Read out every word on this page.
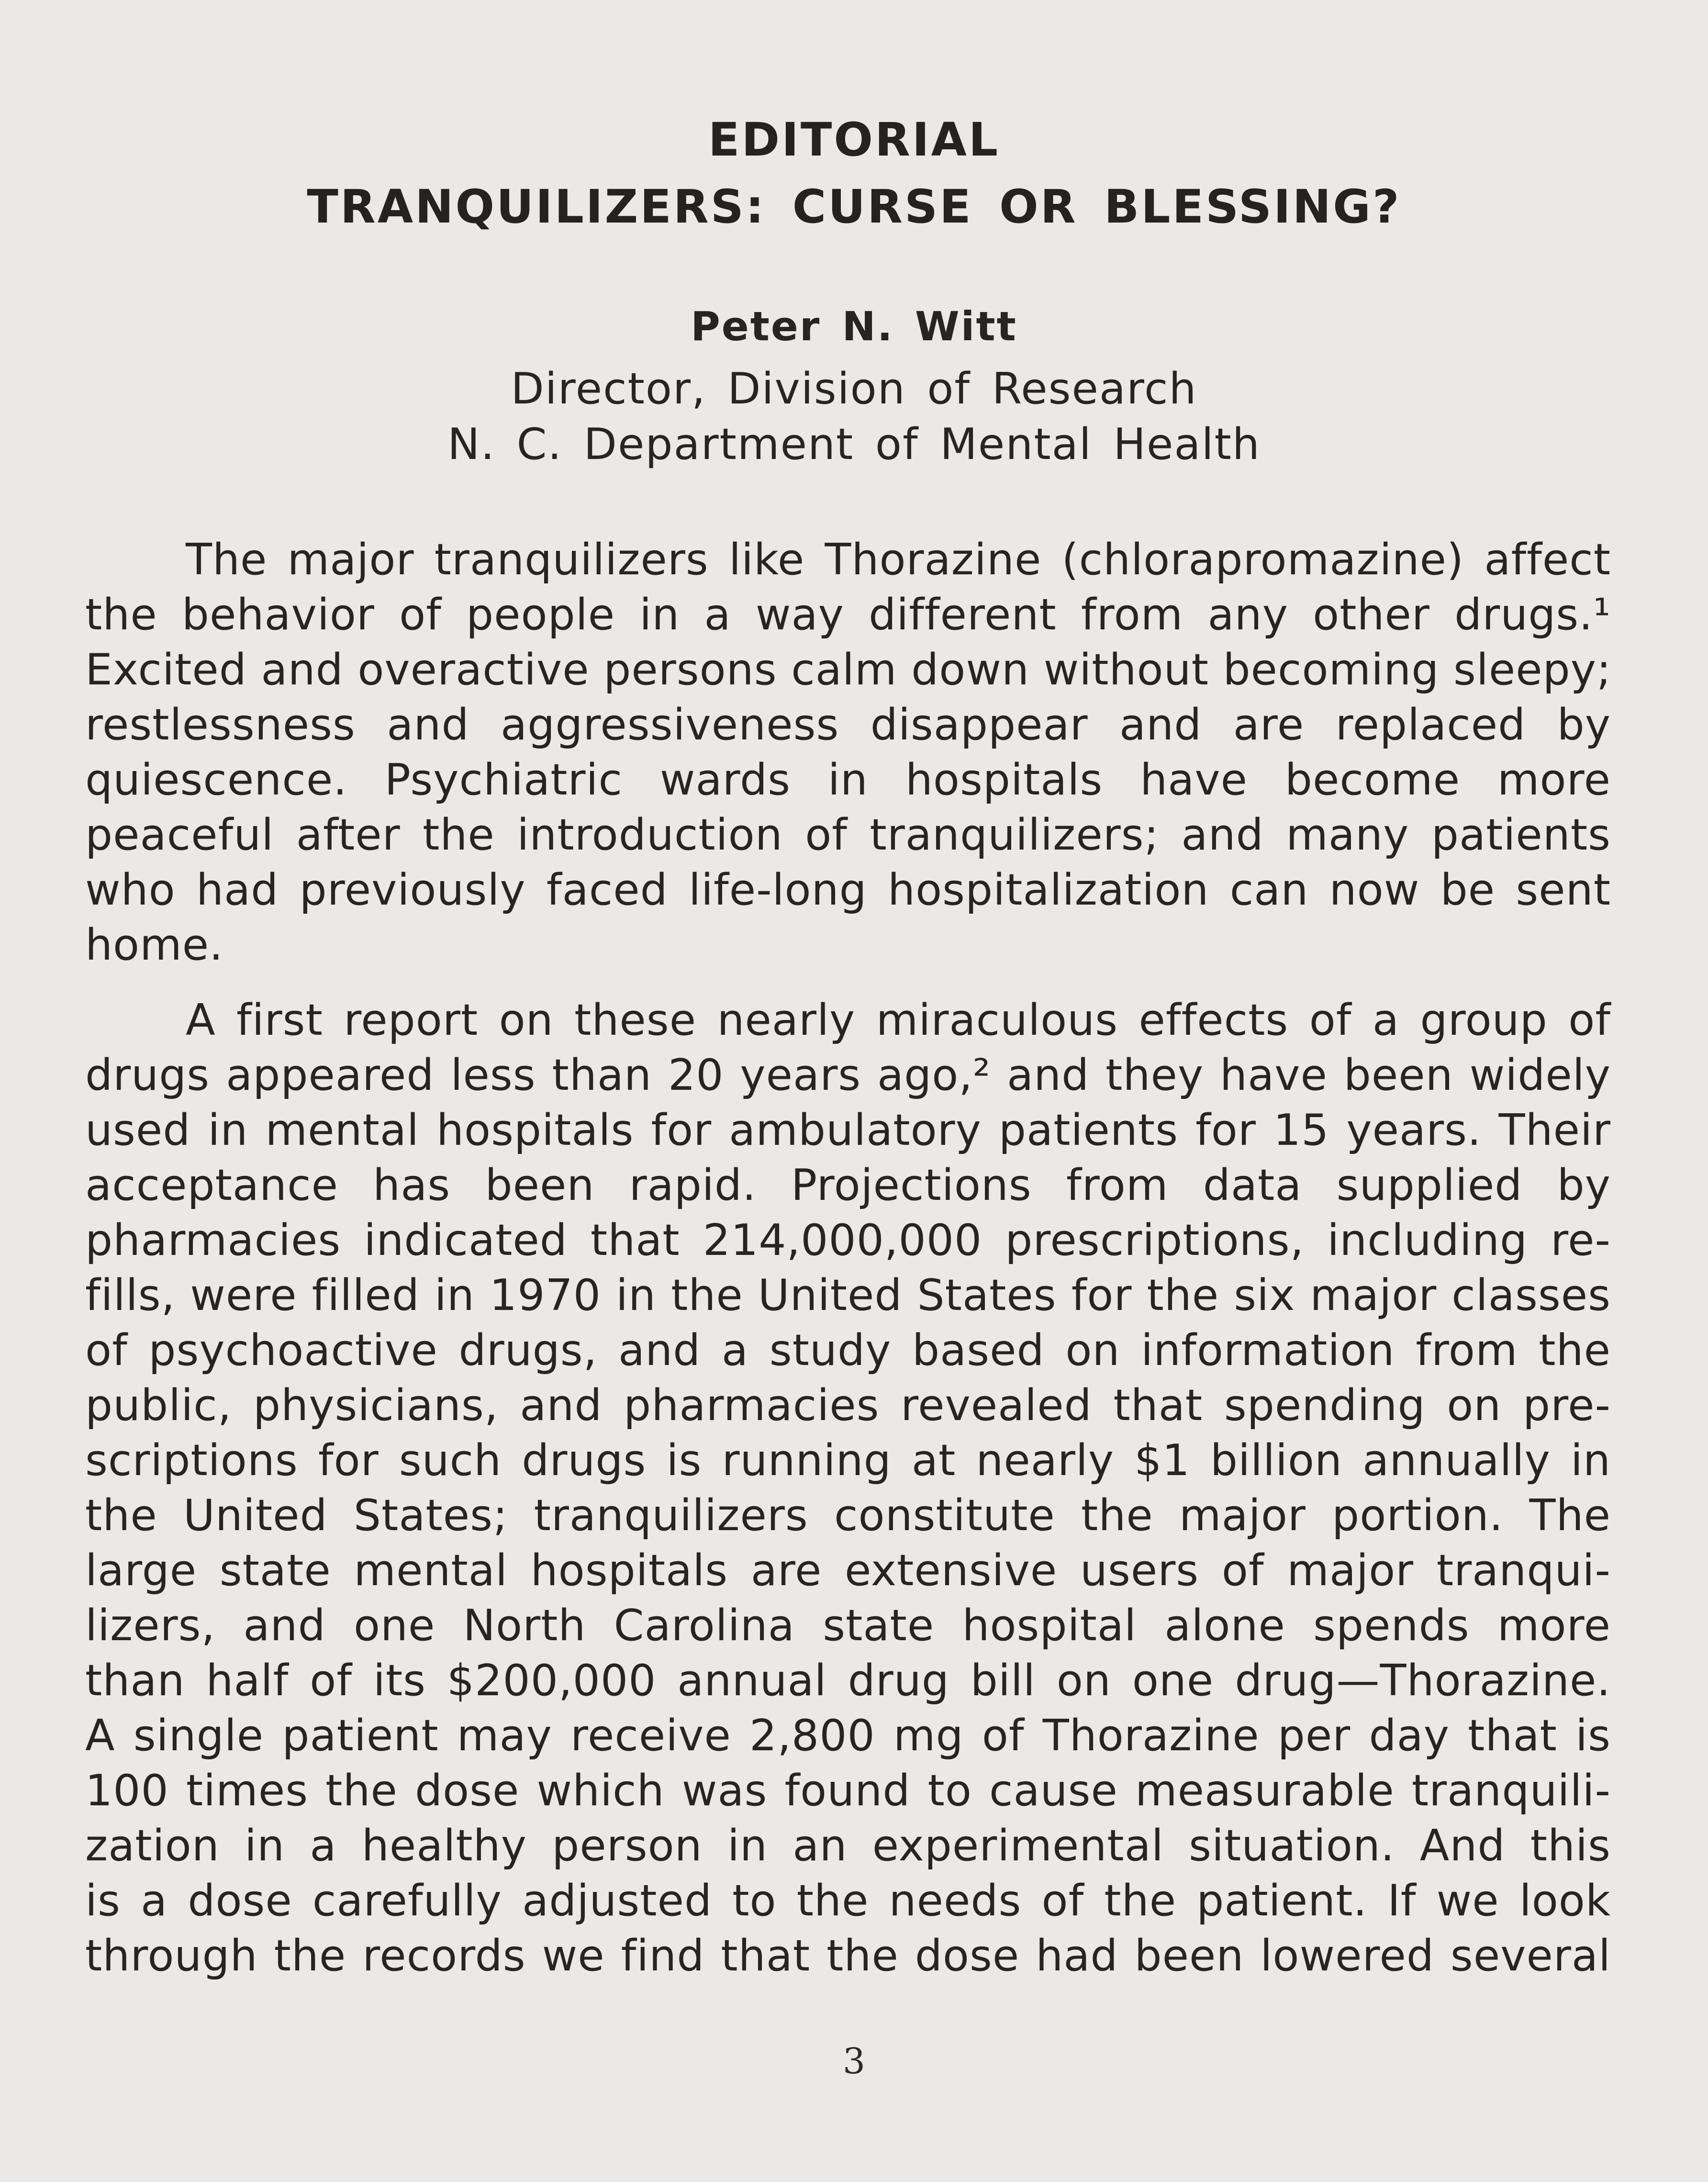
EDITORIAL
TRANQUILIZERS: CURSE OR BLESSING?
Peter N. Witt
Director, Division of Research
N. C. Department of Mental Health
The major tranquilizers like Thorazine (chlorapromazine) affect
the behavior of people in a way different from any other drugs.¹
Excited and overactive persons calm down without becoming sleepy;
restlessness and aggressiveness disappear and are replaced by
quiescence. Psychiatric wards in hospitals have become more
peaceful after the introduction of tranquilizers; and many patients
who had previously faced life-long hospitalization can now be sent
home.
A first report on these nearly miraculous effects of a group of
drugs appeared less than 20 years ago,² and they have been widely
used in mental hospitals for ambulatory patients for 15 years. Their
acceptance has been rapid. Projections from data supplied by
pharmacies indicated that 214,000,000 prescriptions, including re-
fills, were filled in 1970 in the United States for the six major classes
of psychoactive drugs, and a study based on information from the
public, physicians, and pharmacies revealed that spending on pre-
scriptions for such drugs is running at nearly $1 billion annually in
the United States; tranquilizers constitute the major portion. The
large state mental hospitals are extensive users of major tranqui-
lizers, and one North Carolina state hospital alone spends more
than half of its $200,000 annual drug bill on one drug—Thorazine.
A single patient may receive 2,800 mg of Thorazine per day that is
100 times the dose which was found to cause measurable tranquili-
zation in a healthy person in an experimental situation. And this
is a dose carefully adjusted to the needs of the patient. If we look
through the records we find that the dose had been lowered several
3
